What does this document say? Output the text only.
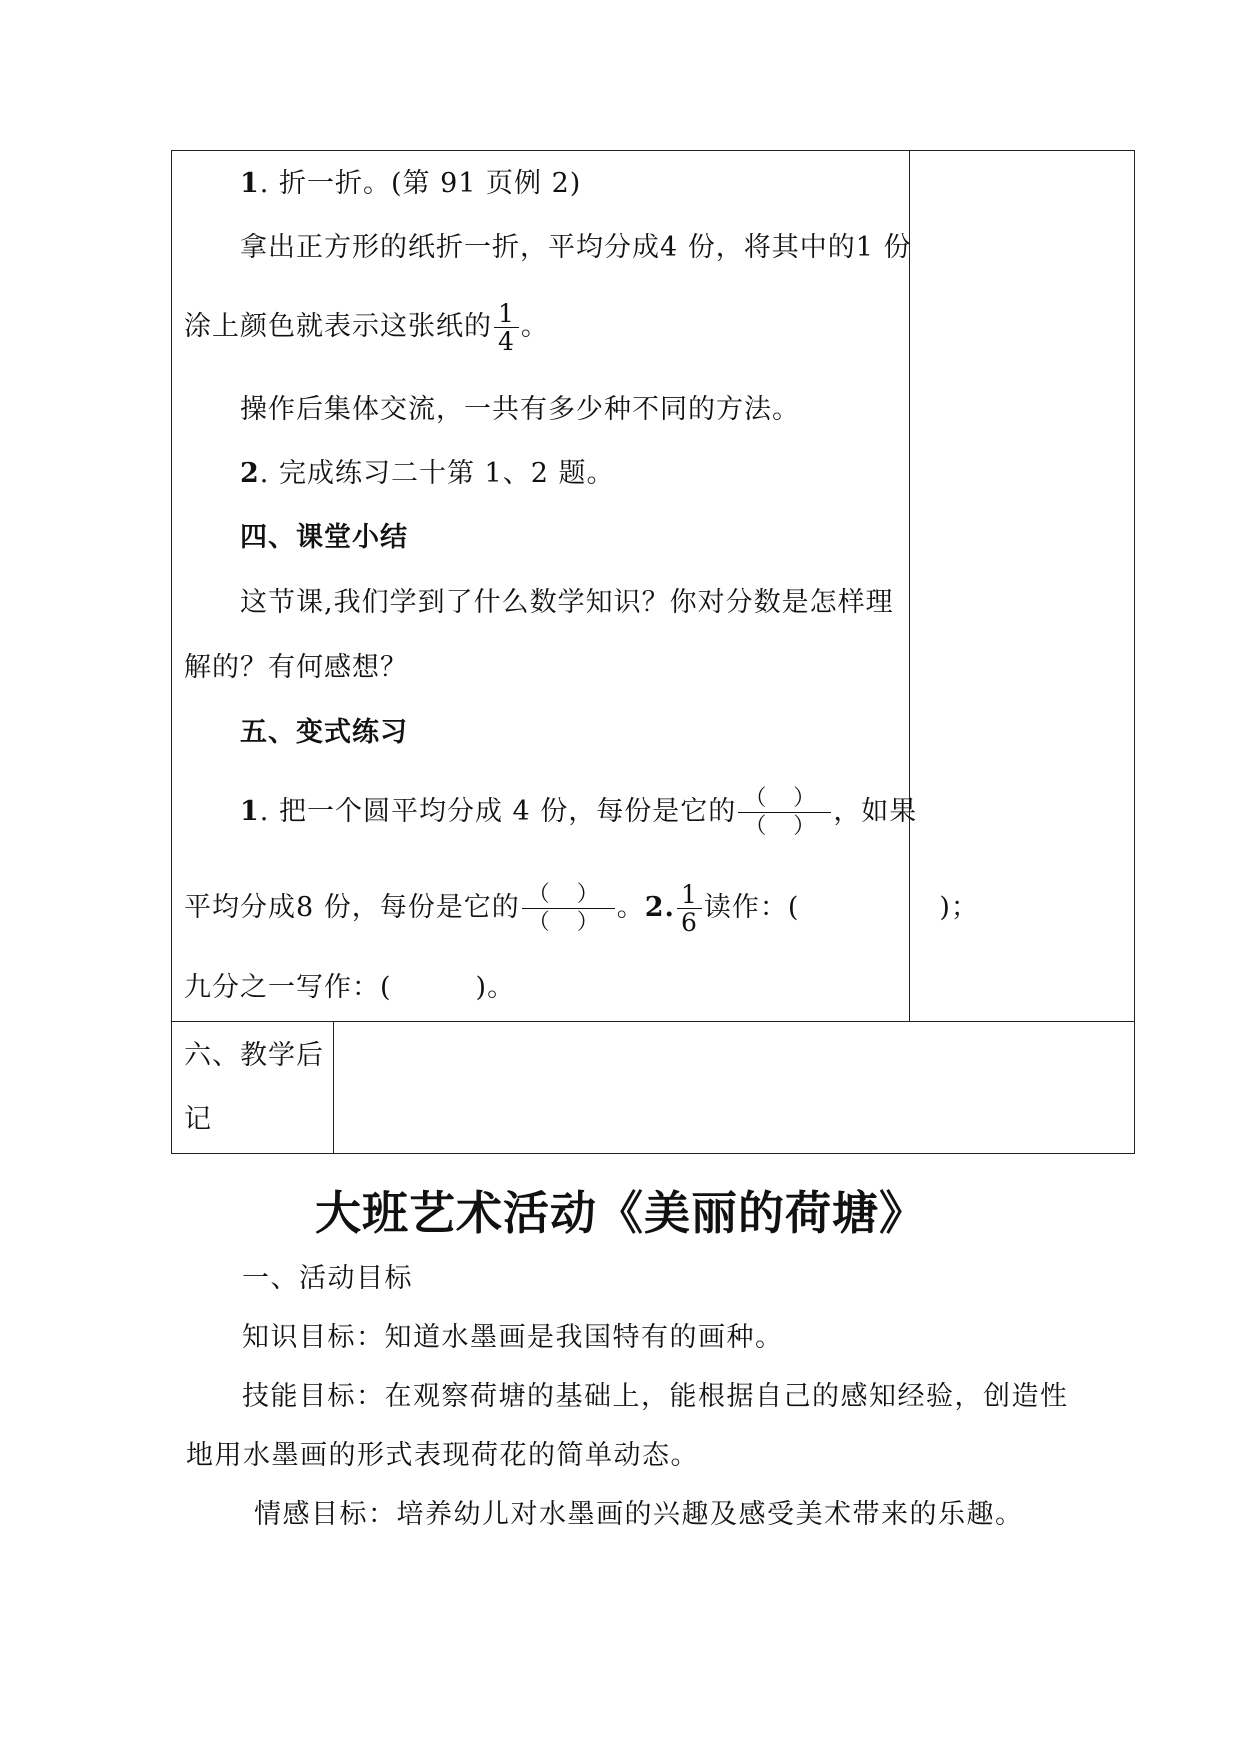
1. 折一折。(第 91 页例 2)
拿出正方形的纸折一折，平均分成4 份，将其中的1 份
涂上颜色就表示这张纸的 $\frac{1}{4}$ 。
操作后集体交流，一共有多少种不同的方法。
2. 完成练习二十第 1、2 题。
四、课堂小结
这节课,我们学到了什么数学知识？你对分数是怎样理
解的？有何感想？
五、变式练习
1. 把一个圆平均分成 4 份，每份是它的 $\frac{( )}{( )}$ ，如果
平均分成8 份，每份是它的 $\frac{( )}{( )}$ 。2. $\frac{1}{6}$ 读作：(　　　　　)；
九分之一写作：(　　　)。
六、教学后
记
大班艺术活动《美丽的荷塘》
一、活动目标
知识目标：知道水墨画是我国特有的画种。
技能目标：在观察荷塘的基础上，能根据自己的感知经验，创造性
地用水墨画的形式表现荷花的简单动态。
情感目标：培养幼儿对水墨画的兴趣及感受美术带来的乐趣。
